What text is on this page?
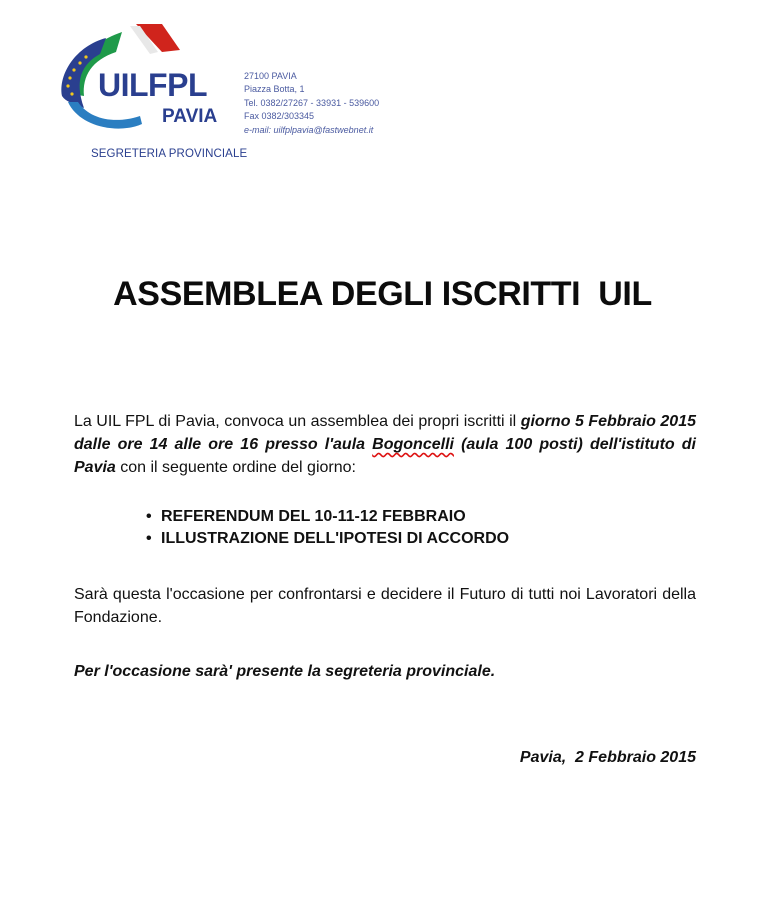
UILFPL
PAVIA
27100 PAVIA
Piazza Botta, 1
Tel. 0382/27267 - 33931 - 539600
Fax 0382/303345
e-mail: uilfplpavia@fastwebnet.it
SEGRETERIA PROVINCIALE
ASSEMBLEA DEGLI ISCRITTI  UIL
La UIL FPL di Pavia, convoca un assemblea dei propri iscritti il giorno 5 Febbraio 2015 dalle ore 14 alle ore 16 presso l'aula Bogoncelli (aula 100 posti) dell'istituto di Pavia con il seguente ordine del giorno:
• REFERENDUM DEL 10-11-12 FEBBRAIO
• ILLUSTRAZIONE DELL'IPOTESI DI ACCORDO
Sarà questa l'occasione per confrontarsi e decidere il Futuro di tutti noi Lavoratori della Fondazione.
Per l'occasione sarà' presente la segreteria provinciale.
Pavia,  2 Febbraio 2015
